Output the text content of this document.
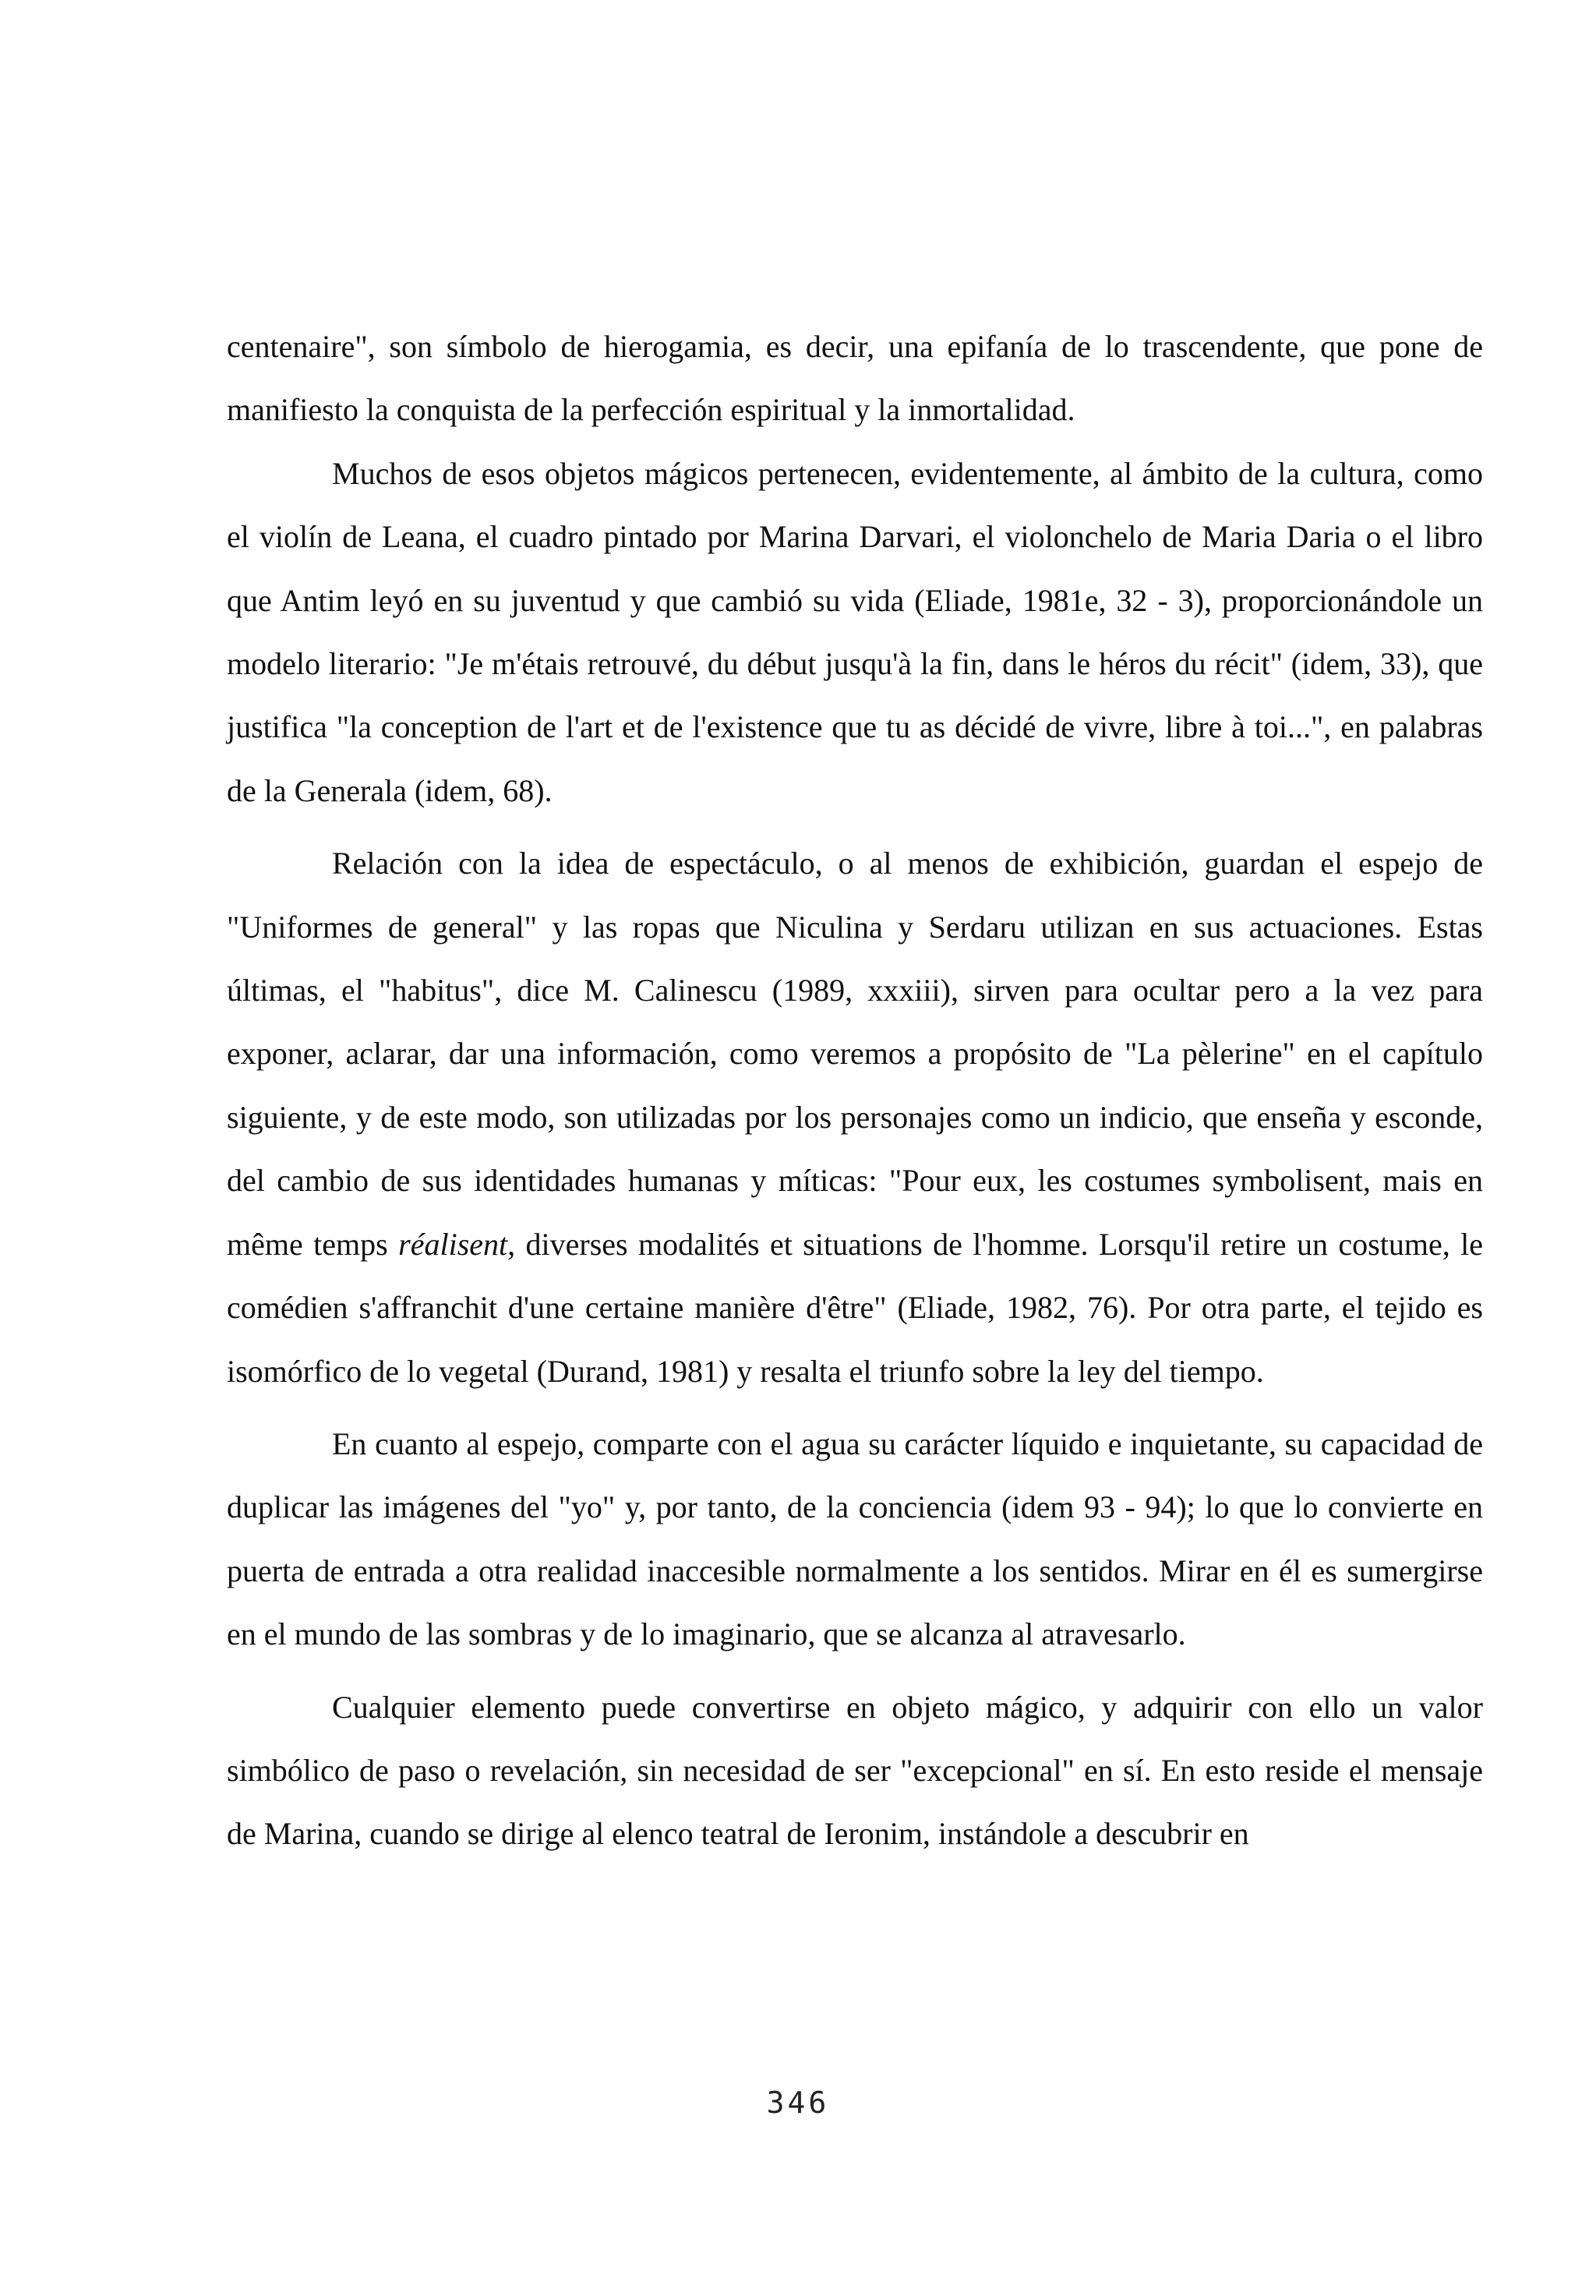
centenaire", son símbolo de hierogamia, es decir, una epifanía de lo trascendente, que pone de manifiesto la conquista de la perfección espiritual y la inmortalidad.

Muchos de esos objetos mágicos pertenecen, evidentemente, al ámbito de la cultura, como el violín de Leana, el cuadro pintado por Marina Darvari, el violonchelo de Maria Daria o el libro que Antim leyó en su juventud y que cambió su vida (Eliade, 1981e, 32 - 3), proporcionándole un modelo literario: "Je m'étais retrouvé, du début jusqu'à la fin, dans le héros du récit" (idem, 33), que justifica "la conception de l'art et de l'existence que tu as décidé de vivre, libre à toi...", en palabras de la Generala (idem, 68).

Relación con la idea de espectáculo, o al menos de exhibición, guardan el espejo de "Uniformes de general" y las ropas que Niculina y Serdaru utilizan en sus actuaciones. Estas últimas, el "habitus", dice M. Calinescu (1989, xxxiii), sirven para ocultar pero a la vez para exponer, aclarar, dar una información, como veremos a propósito de "La pèlerine" en el capítulo siguiente, y de este modo, son utilizadas por los personajes como un indicio, que enseña y esconde, del cambio de sus identidades humanas y míticas: "Pour eux, les costumes symbolisent, mais en même temps réalisent, diverses modalités et situations de l'homme. Lorsqu'il retire un costume, le comédien s'affranchit d'une certaine manière d'être" (Eliade, 1982, 76). Por otra parte, el tejido es isomórfico de lo vegetal (Durand, 1981) y resalta el triunfo sobre la ley del tiempo.

En cuanto al espejo, comparte con el agua su carácter líquido e inquietante, su capacidad de duplicar las imágenes del "yo" y, por tanto, de la conciencia (idem 93 - 94); lo que lo convierte en puerta de entrada a otra realidad inaccesible normalmente a los sentidos. Mirar en él es sumergirse en el mundo de las sombras y de lo imaginario, que se alcanza al atravesarlo.

Cualquier elemento puede convertirse en objeto mágico, y adquirir con ello un valor simbólico de paso o revelación, sin necesidad de ser "excepcional" en sí. En esto reside el mensaje de Marina, cuando se dirige al elenco teatral de Ieronim, instándole a descubrir en

346
